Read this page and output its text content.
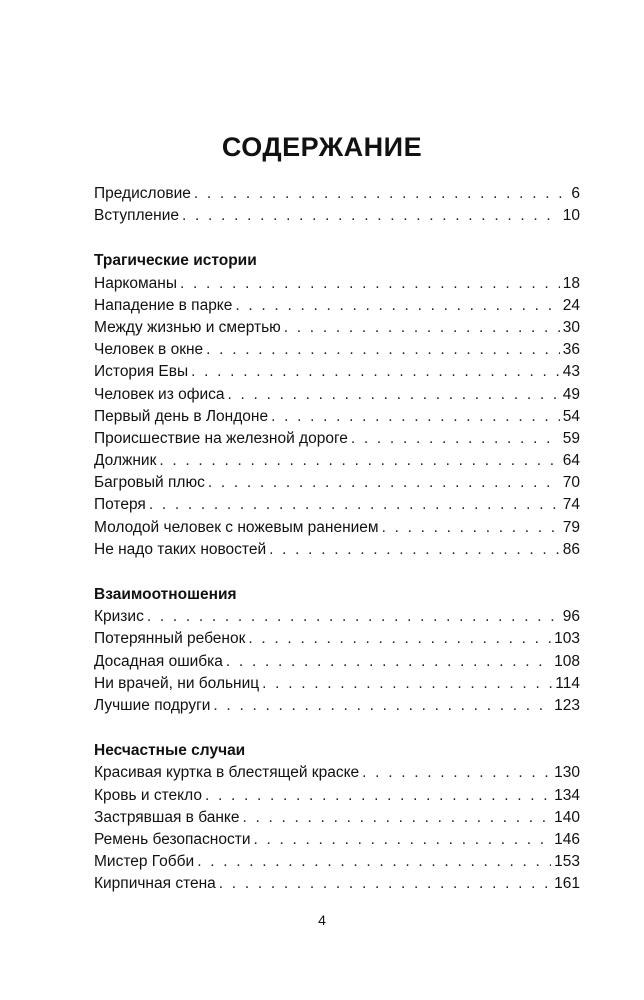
СОДЕРЖАНИЕ
Предисловие . . .	6
Вступление . . .	10
Трагические истории
Наркоманы . . .	18
Нападение в парке . . .	24
Между жизнью и смертью . . .	30
Человек в окне . . .	36
История Евы . . .	43
Человек из офиса . . .	49
Первый день в Лондоне . . .	54
Происшествие на железной дороге . . .	59
Должник . . .	64
Багровый плюс . . .	70
Потеря . . .	74
Молодой человек с ножевым ранением . . .	79
Не надо таких новостей . . .	86
Взаимоотношения
Кризис . . .	96
Потерянный ребенок . . .	103
Досадная ошибка . . .	108
Ни врачей, ни больниц . . .	114
Лучшие подруги . . .	123
Несчастные случаи
Красивая куртка в блестящей краске . . .	130
Кровь и стекло . . .	134
Застрявшая в банке . . .	140
Ремень безопасности . . .	146
Мистер Гобби . . .	153
Кирпичная стена . . .	161
4
